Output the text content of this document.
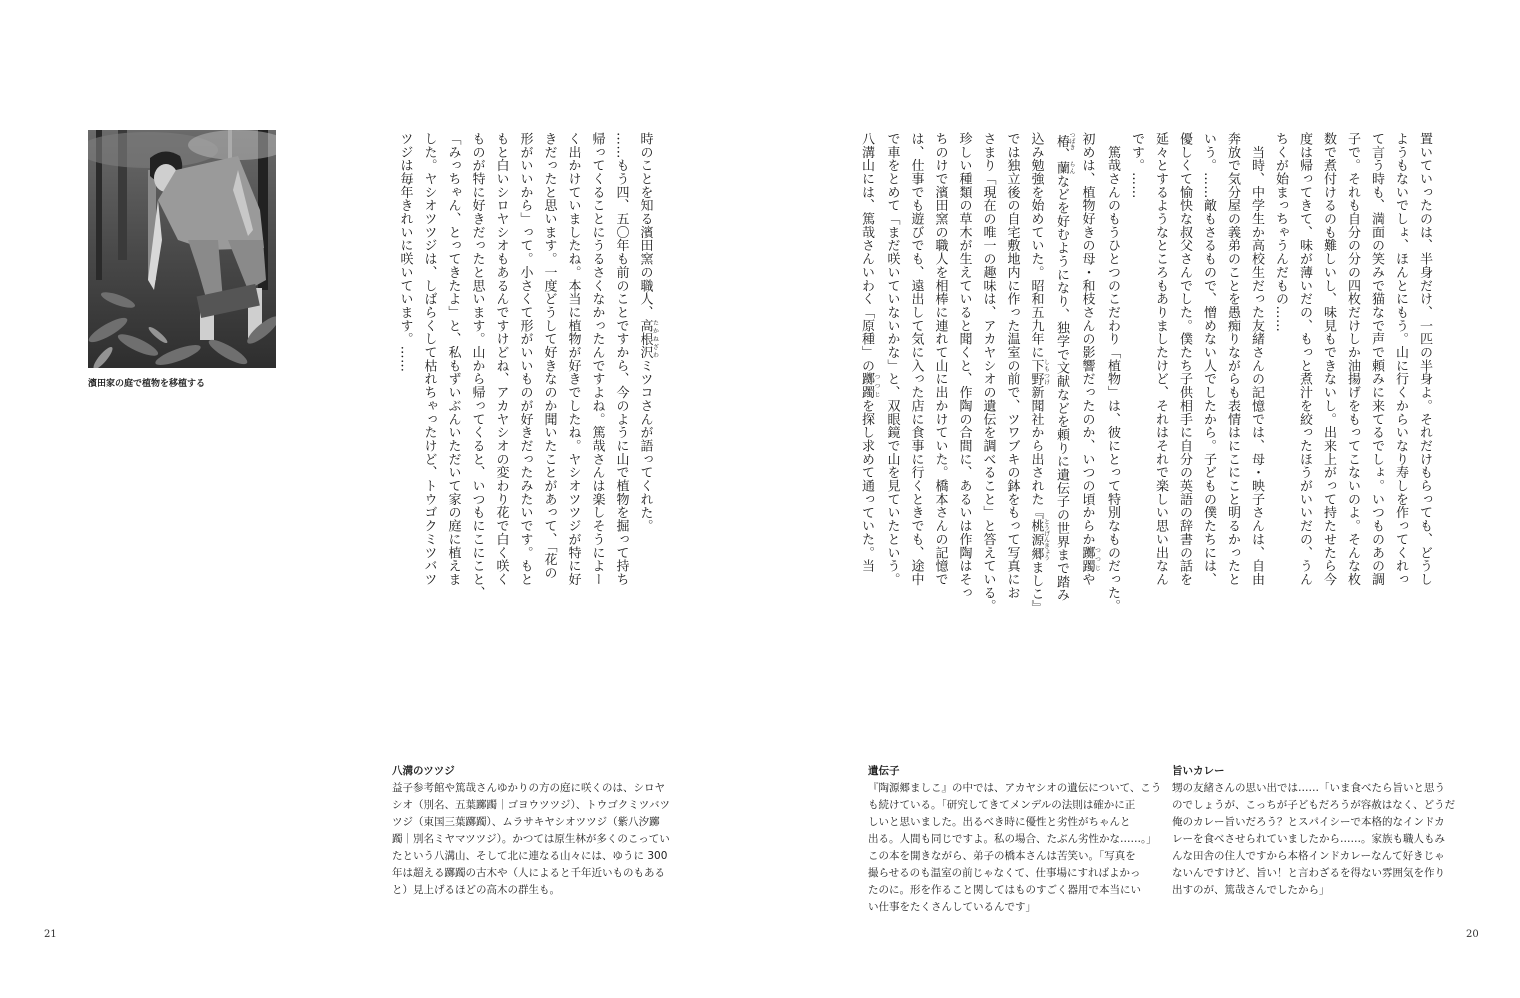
時のことを知る濱田窯の職人、高根沢 たかねざわミツコさんが語ってくれた。
……もう四、五〇年も前のことですから、今のように山で植物を掘って持ち
帰ってくることにうるさくなかったんですよね。篤哉さんは楽しそうによー
く出かけていましたね。本当に植物が好きでしたね。ヤシオツツジが特に好
きだったと思います。一度どうして好きなのか聞いたことがあって、「花の
形がいいから」って。小さくて形がいいものが好きだったみたいです。もと
もと白いシロヤシオもあるんですけどね、アカヤシオの変わり花で白く咲く
ものが特に好きだったと思います。山から帰ってくると、いつもにこにこと、
「みっちゃん、とってきたよ」と、私もずいぶんいただいて家の庭に植えま
した。ヤシオツツジは、しばらくして枯れちゃったけど、トウゴクミツバツ
ツジは毎年きれいに咲いています。……	置いていったのは、半身だけ、一匹の半身よ。それだけもらっても、どうし
ようもないでしょ、ほんとにもう。山に行くからいなり寿しを作ってくれっ
て言う時も、満面の笑みで猫なで声で頼みに来てるでしょ。いつものあの調
子で。それも自分の分の四枚だけしか油揚げをもってこないのよ。そんな枚
数で煮付けるのも難しいし、味見もできないし。出来上がって持たせたら今
度は帰ってきて、味が薄いだの、もっと煮汁を絞ったほうがいいだの、うん
ちくが始まっちゃうんだもの……
　当時、中学生か高校生だった友緒さんの記憶では、母・映子さんは、自由
奔放で気分屋の義弟のことを愚痴りながらも表情はにこにこと明るかったと
いう。……敵もさるもので、憎めない人でしたから。子どもの僕たちには、
優しくて愉快な叔父さんでした。僕たち子供相手に自分の英語の辞書の話を
延々とするようなところもありましたけど、それはそれで楽しい思い出なん
です。……
　篤哉さんのもうひとつのこだわり「植物」は、彼にとって特別なものだった。
初めは、植物好きの母・和枝さんの影響だったのか、いつの頃からか躑躅 つつじや
椿 つばき、蘭 らんなどを好むようになり、独学で文献などを頼りに遺伝子の世界まで踏み
込み勉強を始めていた。昭和五九年に下野 しもつけ新聞社から出された『桃源郷 とうげんきょうましこ』
では独立後の自宅敷地内に作った温室の前で、ツワブキの鉢をもって写真にお
さまり「現在の唯一の趣味は、アカヤシオの遺伝を調べること」と答えている。
珍しい種類の草木が生えていると聞くと、作陶の合間に、あるいは作陶はそっ
ちのけで濱田窯の職人を相棒に連れて山に出かけていた。橋本さんの記憶で
は、仕事でも遊びでも、遠出して気に入った店に食事に行くときでも、途中
で車をとめて「まだ咲いていないかな」と、双眼鏡で山を見ていたという。
八溝山には、篤哉さんいわく「原種」の躑躅 つつじを探し求めて通っていた。当
濱田家の庭で植物を移植する
八溝のツツジ
益子参考館や篤哉さんゆかりの方の庭に咲くのは、シロヤ
シオ（別名、五葉躑躅｜ゴヨウツツジ）、トウゴクミツバツ
ツジ（東国三葉躑躅）、ムラサキヤシオツツジ（紫八汐躑
躅｜別名ミヤマツツジ）。かつては原生林が多くのこってい
たという八溝山、そして北に連なる山々には、ゆうに 300
年は超える躑躅の古木や（人によると千年近いものもある
と）見上げるほどの高木の群生も。
遺伝子
『陶源郷ましこ』の中では、アカヤシオの遺伝について、こう
も続けている。「研究してきてメンデルの法則は確かに正
しいと思いました。出るべき時に優性と劣性がちゃんと
出る。人間も同じですよ。私の場合、たぶん劣性かな……。」
この本を開きながら、弟子の橋本さんは苦笑い。「写真を
撮らせるのも温室の前じゃなくて、仕事場にすればよかっ
たのに。形を作ること関してはものすごく器用で本当にい
い仕事をたくさんしているんです」
旨いカレー
甥の友緒さんの思い出では……「いま食べたら旨いと思う
のでしょうが、こっちが子どもだろうが容赦はなく、どうだ
俺のカレー旨いだろう？とスパイシーで本格的なインドカ
レーを食べさせられていましたから……。家族も職人もみ
んな田舎の住人ですから本格インドカレーなんて好きじゃ
ないんですけど、旨い！と言わざるを得ない雰囲気を作り
出すのが、篤哉さんでしたから」
21	20
